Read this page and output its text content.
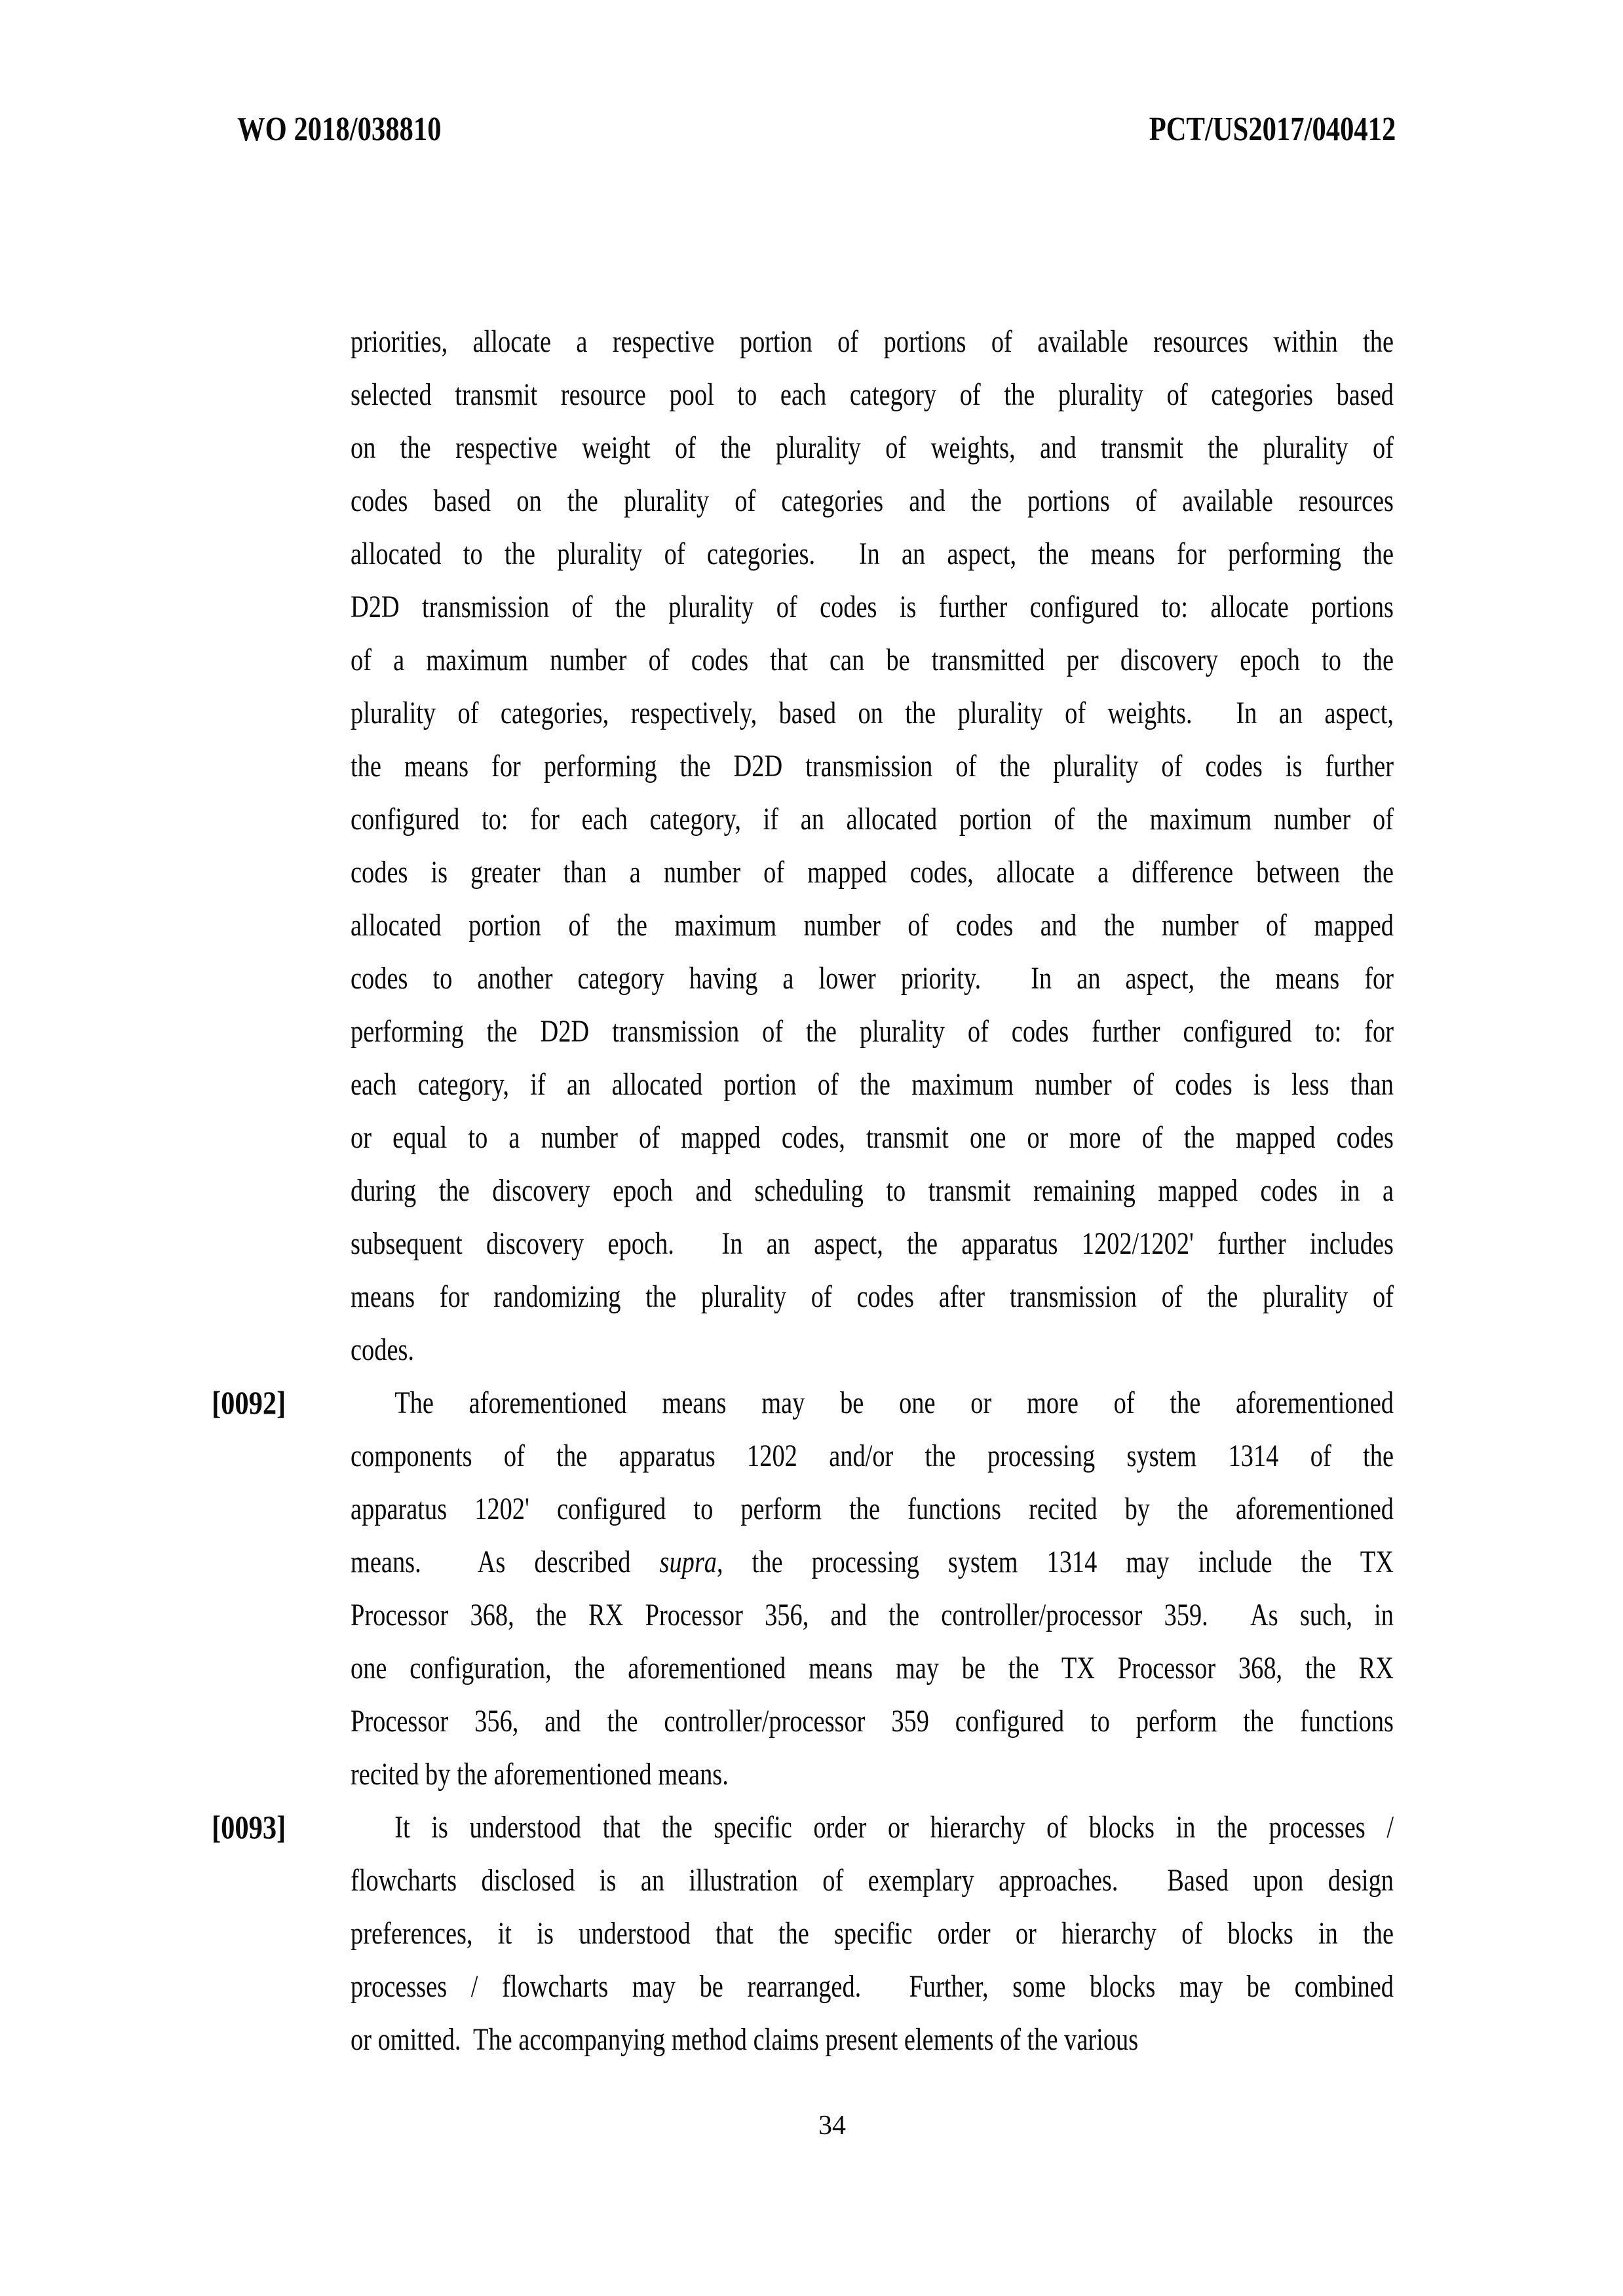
WO 2018/038810	PCT/US2017/040412
[0092]
[0093]
priorities, allocate a respective portion of portions of available resources within the
selected transmit resource pool to each category of the plurality of categories based
on the respective weight of the plurality of weights, and transmit the plurality of
codes based on the plurality of categories and the portions of available resources
allocated to the plurality of categories.  In an aspect, the means for performing the
D2D transmission of the plurality of codes is further configured to: allocate portions
of a maximum number of codes that can be transmitted per discovery epoch to the
plurality of categories, respectively, based on the plurality of weights.  In an aspect,
the means for performing the D2D transmission of the plurality of codes is further
configured to: for each category, if an allocated portion of the maximum number of
codes is greater than a number of mapped codes, allocate a difference between the
allocated portion of the maximum number of codes and the number of mapped
codes to another category having a lower priority.  In an aspect, the means for
performing the D2D transmission of the plurality of codes further configured to: for
each category, if an allocated portion of the maximum number of codes is less than
or equal to a number of mapped codes, transmit one or more of the mapped codes
during the discovery epoch and scheduling to transmit remaining mapped codes in a
subsequent discovery epoch.  In an aspect, the apparatus 1202/1202' further includes
means for randomizing the plurality of codes after transmission of the plurality of
codes.
The aforementioned means may be one or more of the aforementioned
components of the apparatus 1202 and/or the processing system 1314 of the
apparatus 1202' configured to perform the functions recited by the aforementioned
means.  As described supra, the processing system 1314 may include the TX
Processor 368, the RX Processor 356, and the controller/processor 359.  As such, in
one configuration, the aforementioned means may be the TX Processor 368, the RX
Processor 356, and the controller/processor 359 configured to perform the functions
recited by the aforementioned means.
It is understood that the specific order or hierarchy of blocks in the processes /
flowcharts disclosed is an illustration of exemplary approaches.  Based upon design
preferences, it is understood that the specific order or hierarchy of blocks in the
processes / flowcharts may be rearranged.  Further, some blocks may be combined
or omitted.  The accompanying method claims present elements of the various
34
